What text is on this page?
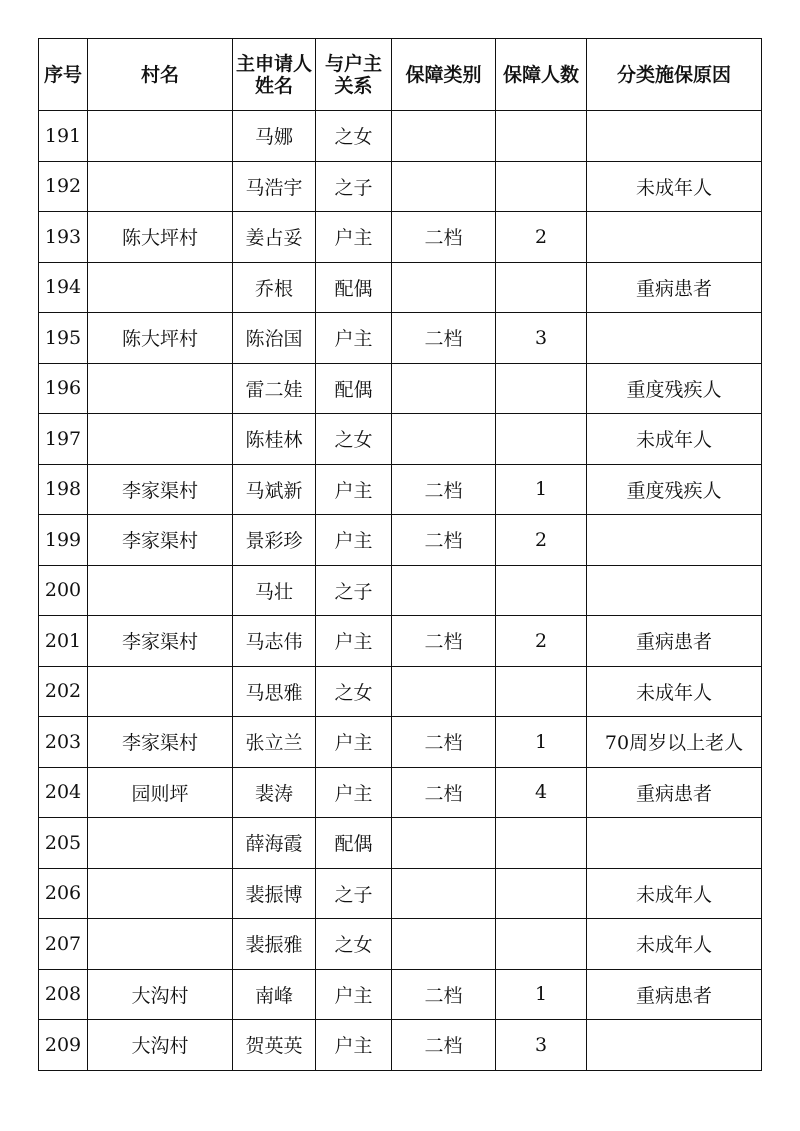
序号	村名	主申请人姓名	与户主关系	保障类别	保障人数	分类施保原因
191		马娜	之女			
192		马浩宇	之子			未成年人
193	陈大坪村	姜占妥	户主	二档	2	
194		乔根	配偶			重病患者
195	陈大坪村	陈治国	户主	二档	3	
196		雷二娃	配偶			重度残疾人
197		陈桂林	之女			未成年人
198	李家渠村	马斌新	户主	二档	1	重度残疾人
199	李家渠村	景彩珍	户主	二档	2	
200		马壮	之子			
201	李家渠村	马志伟	户主	二档	2	重病患者
202		马思雅	之女			未成年人
203	李家渠村	张立兰	户主	二档	1	70周岁以上老人
204	园则坪	裴涛	户主	二档	4	重病患者
205		薛海霞	配偶			
206		裴振博	之子			未成年人
207		裴振雅	之女			未成年人
208	大沟村	南峰	户主	二档	1	重病患者
209	大沟村	贺英英	户主	二档	3	
